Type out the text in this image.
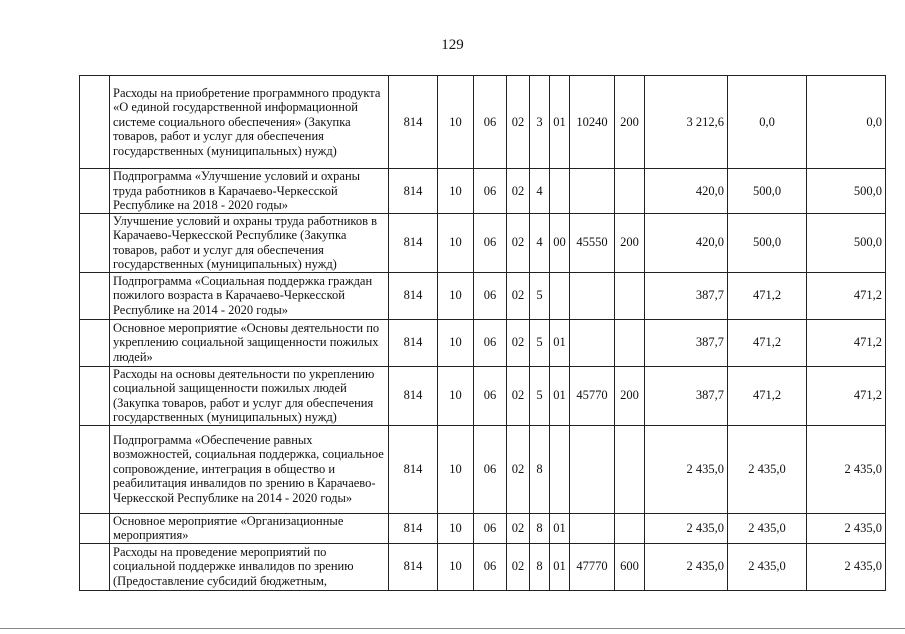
129
	Расходы на приобретение программного продукта «О единой государственной информационной системе социального обеспечения» (Закупка товаров, работ и услуг для обеспечения государственных (муниципальных) нужд)	814	10	06	02	3	01	10240	200	3 212,6	0,0	0,0
	Подпрограмма «Улучшение условий и охраны труда работников в Карачаево-Черкесской Республике на 2018 - 2020 годы»	814	10	06	02	4				420,0	500,0	500,0
	Улучшение условий и охраны труда работников в Карачаево-Черкесской Республике (Закупка товаров, работ и услуг для обеспечения государственных (муниципальных) нужд)	814	10	06	02	4	00	45550	200	420,0	500,0	500,0
	Подпрограмма «Социальная поддержка граждан пожилого возраста в Карачаево-Черкесской Республике на 2014 - 2020 годы»	814	10	06	02	5				387,7	471,2	471,2
	Основное мероприятие «Основы деятельности по укреплению социальной защищенности пожилых людей»	814	10	06	02	5	01			387,7	471,2	471,2
	Расходы на основы деятельности по укреплению социальной защищенности пожилых людей (Закупка товаров, работ и услуг для обеспечения государственных (муниципальных) нужд)	814	10	06	02	5	01	45770	200	387,7	471,2	471,2
	Подпрограмма «Обеспечение равных возможностей, социальная поддержка, социальное сопровождение, интеграция в общество и реабилитация инвалидов по зрению в Карачаево-Черкесской Республике на 2014 - 2020 годы»	814	10	06	02	8				2 435,0	2 435,0	2 435,0
	Основное мероприятие «Организационные мероприятия»	814	10	06	02	8	01			2 435,0	2 435,0	2 435,0
	Расходы на проведение мероприятий по социальной поддержке инвалидов по зрению (Предоставление субсидий бюджетным,	814	10	06	02	8	01	47770	600	2 435,0	2 435,0	2 435,0
